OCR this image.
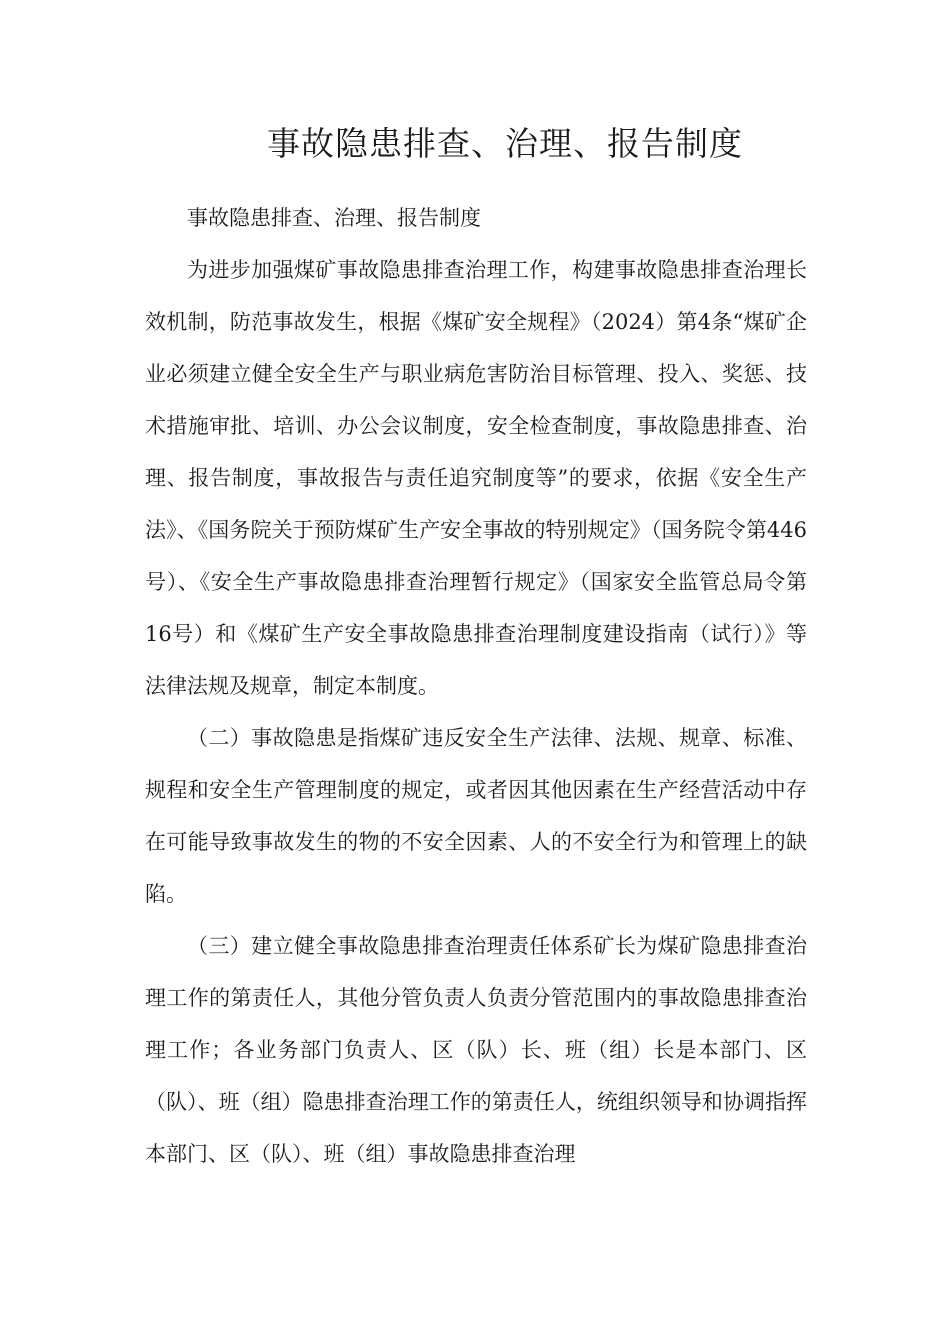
事故隐患排查、治理、报告制度

事故隐患排查、治理、报告制度

为进步加强煤矿事故隐患排查治理工作，构建事故隐患排查治理长效机制，防范事故发生，根据《煤矿安全规程》（2024）第4条“煤矿企业必须建立健全安全生产与职业病危害防治目标管理、投入、奖惩、技术措施审批、培训、办公会议制度，安全检查制度，事故隐患排查、治理、报告制度，事故报告与责任追究制度等”的要求，依据《安全生产法》、《国务院关于预防煤矿生产安全事故的特别规定》（国务院令第446号）、《安全生产事故隐患排查治理暂行规定》（国家安全监管总局令第16号）和《煤矿生产安全事故隐患排查治理制度建设指南（试行）》等法律法规及规章，制定本制度。

（二）事故隐患是指煤矿违反安全生产法律、法规、规章、标准、规程和安全生产管理制度的规定，或者因其他因素在生产经营活动中存在可能导致事故发生的物的不安全因素、人的不安全行为和管理上的缺陷。

（三）建立健全事故隐患排查治理责任体系矿长为煤矿隐患排查治理工作的第责任人，其他分管负责人负责分管范围内的事故隐患排查治理工作；各业务部门负责人、区（队）长、班（组）长是本部门、区（队）、班（组）隐患排查治理工作的第责任人，统组织领导和协调指挥本部门、区（队）、班（组）事故隐患排查治理
